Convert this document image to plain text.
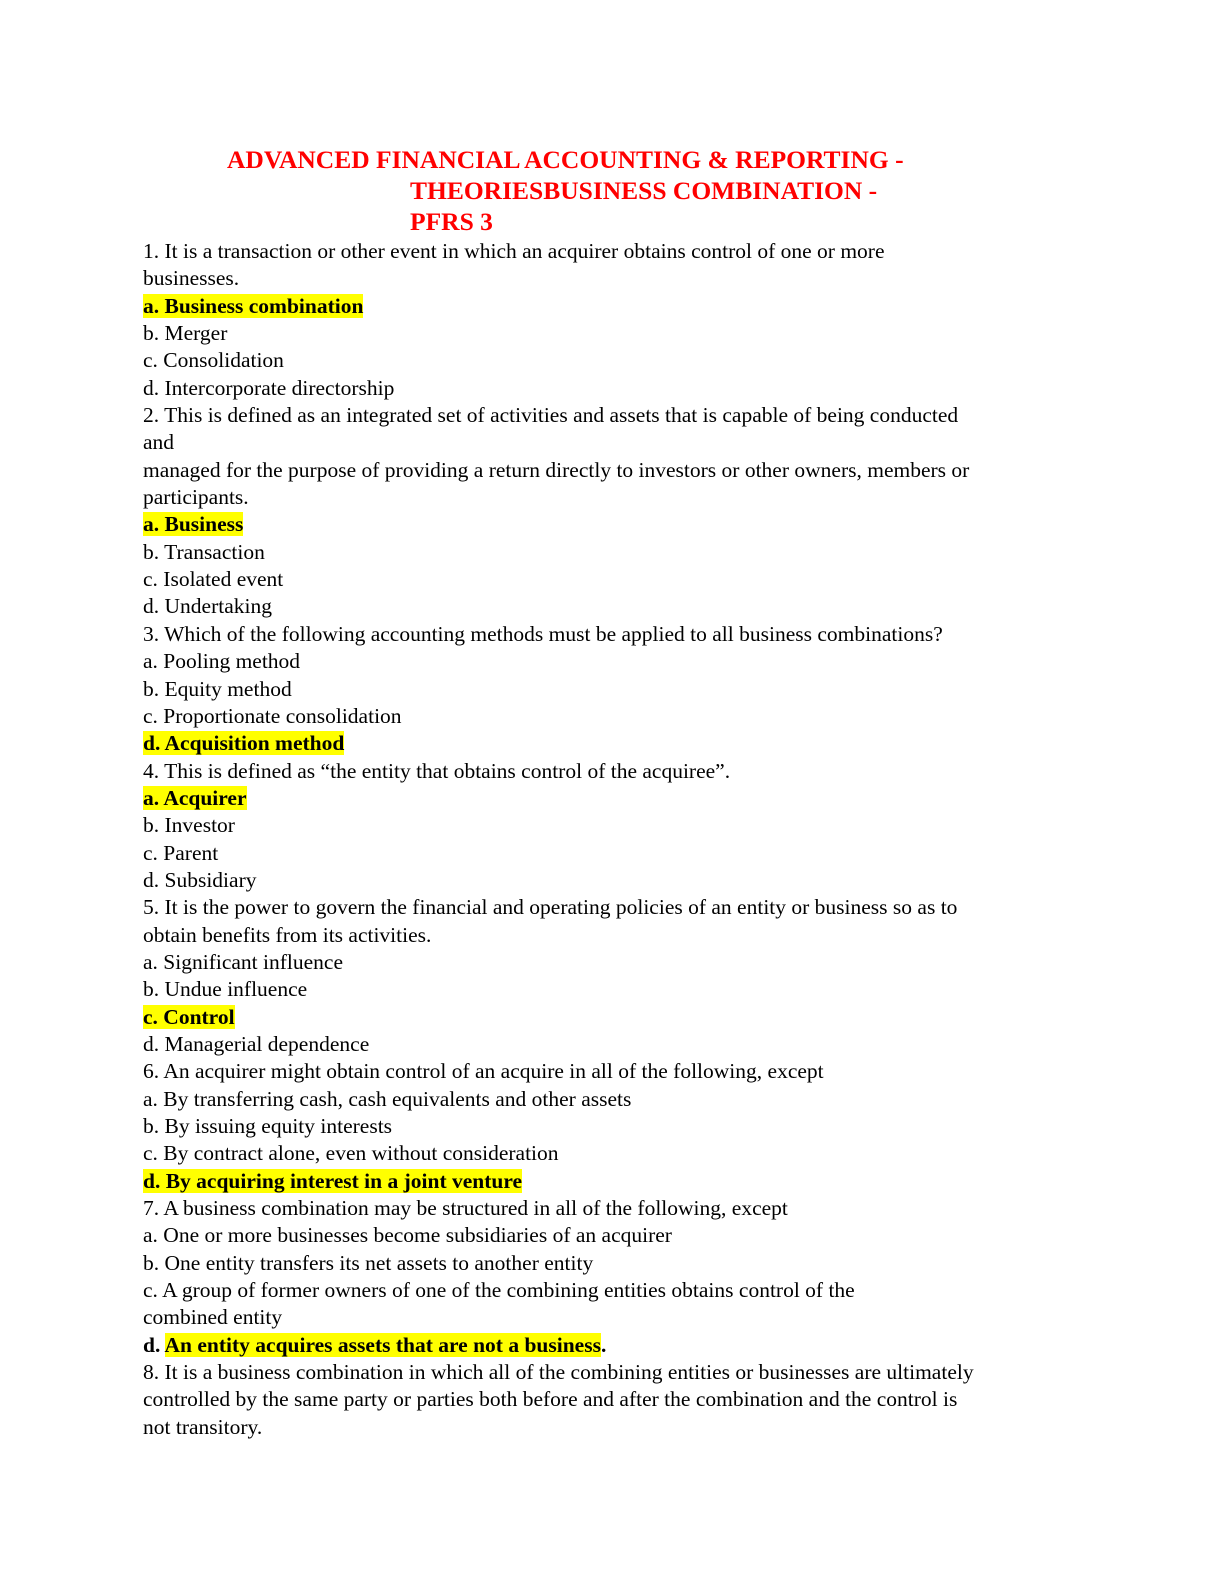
ADVANCED FINANCIAL ACCOUNTING & REPORTING -
THEORIESBUSINESS COMBINATION -
PFRS 3
1. It is a transaction or other event in which an acquirer obtains control of one or more
businesses.
a. Business combination
b. Merger
c. Consolidation
d. Intercorporate directorship
2. This is defined as an integrated set of activities and assets that is capable of being conducted
and
managed for the purpose of providing a return directly to investors or other owners, members or
participants.
a. Business
b. Transaction
c. Isolated event
d. Undertaking
3. Which of the following accounting methods must be applied to all business combinations?
a. Pooling method
b. Equity method
c. Proportionate consolidation
d. Acquisition method
4. This is defined as “the entity that obtains control of the acquiree”.
a. Acquirer
b. Investor
c. Parent
d. Subsidiary
5. It is the power to govern the financial and operating policies of an entity or business so as to
obtain benefits from its activities.
a. Significant influence
b. Undue influence
c. Control
d. Managerial dependence
6. An acquirer might obtain control of an acquire in all of the following, except
a. By transferring cash, cash equivalents and other assets
b. By issuing equity interests
c. By contract alone, even without consideration
d. By acquiring interest in a joint venture
7. A business combination may be structured in all of the following, except
a. One or more businesses become subsidiaries of an acquirer
b. One entity transfers its net assets to another entity
c. A group of former owners of one of the combining entities obtains control of the
combined entity
d. An entity acquires assets that are not a business.
8. It is a business combination in which all of the combining entities or businesses are ultimately
controlled by the same party or parties both before and after the combination and the control is
not transitory.
